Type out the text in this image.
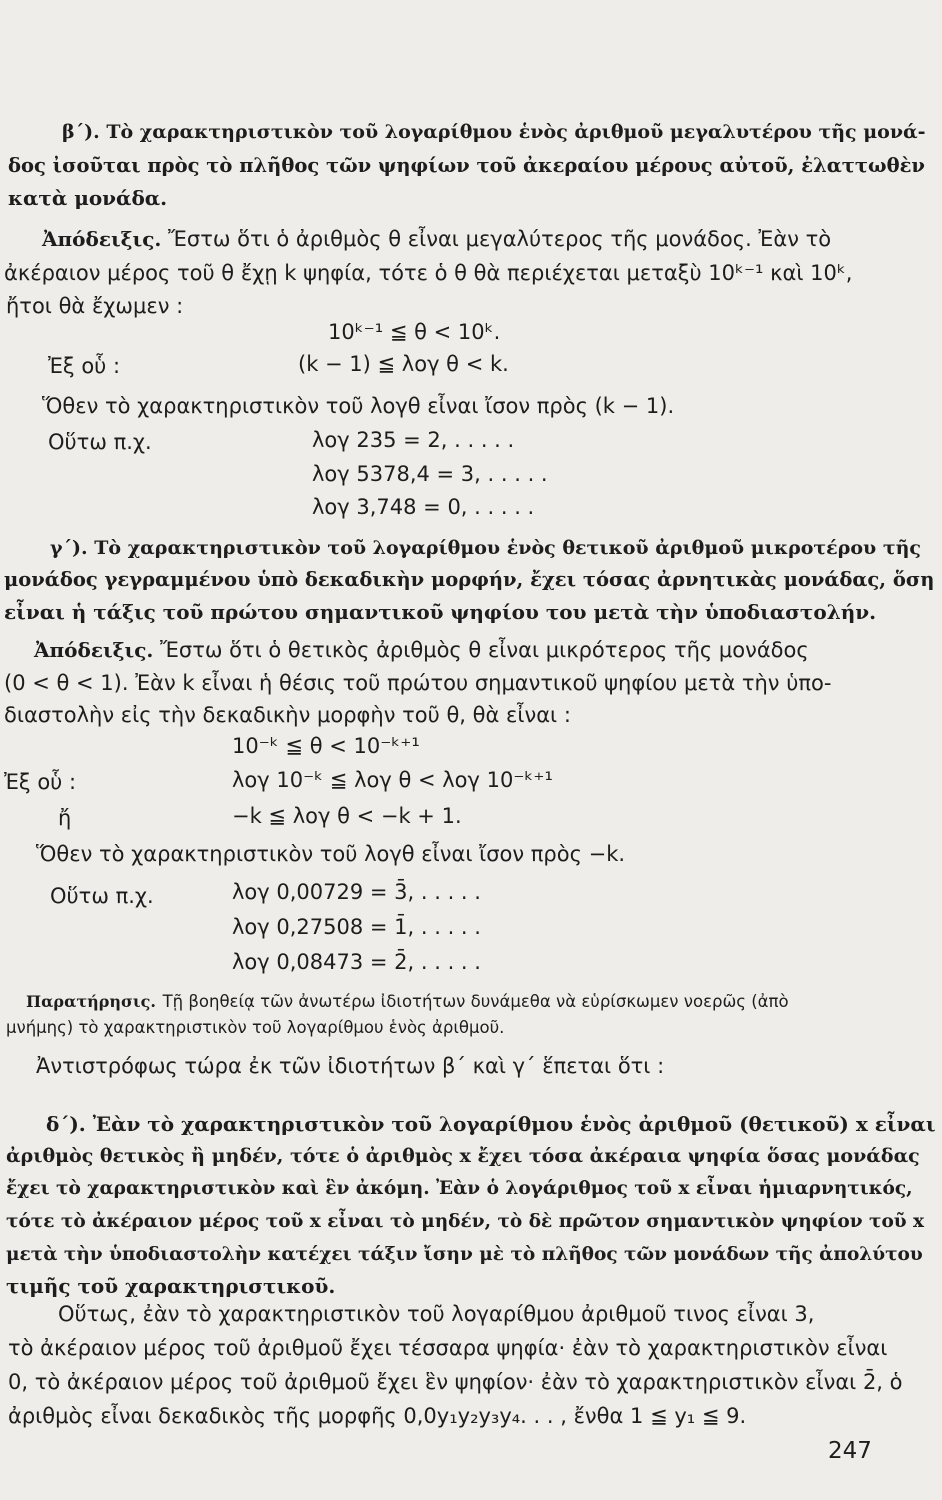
β΄). Τὸ χαρακτηριστικὸν τοῦ λογαρίθμου ἑνὸς ἀριθμοῦ μεγαλυτέρου τῆς μονά-
δος ἰσοῦται πρὸς τὸ πλῆθος τῶν ψηφίων τοῦ ἀκεραίου μέρους αὐτοῦ, ἐλαττωθὲν
κατὰ μονάδα.
Ἀπόδειξις. Ἔστω ὅτι ὁ ἀριθμὸς θ εἶναι μεγαλύτερος τῆς μονάδος. Ἐὰν τὸ
ἀκέραιον μέρος τοῦ θ ἔχῃ k ψηφία, τότε ὁ θ θὰ περιέχεται μεταξὺ 10ᵏ⁻¹ καὶ 10ᵏ,
ἤτοι θὰ ἔχωμεν :
10ᵏ⁻¹ ≦ θ < 10ᵏ.
Ἐξ οὗ :	(k − 1) ≦ λογ θ < k.
Ὅθεν τὸ χαρακτηριστικὸν τοῦ λογθ εἶναι ἴσον πρὸς (k − 1).
Οὕτω π.χ.	λογ 235 = 2, . . . . .
λογ 5378,4 = 3, . . . . .
λογ 3,748 = 0, . . . . .
γ΄). Τὸ χαρακτηριστικὸν τοῦ λογαρίθμου ἑνὸς θετικοῦ ἀριθμοῦ μικροτέρου τῆς
μονάδος γεγραμμένου ὑπὸ δεκαδικὴν μορφήν, ἔχει τόσας ἀρνητικὰς μονάδας, ὅση
εἶναι ἡ τάξις τοῦ πρώτου σημαντικοῦ ψηφίου του μετὰ τὴν ὑποδιαστολήν.
Ἀπόδειξις. Ἔστω ὅτι ὁ θετικὸς ἀριθμὸς θ εἶναι μικρότερος τῆς μονάδος
(0 < θ < 1). Ἐὰν k εἶναι ἡ θέσις τοῦ πρώτου σημαντικοῦ ψηφίου μετὰ τὴν ὑπο-
διαστολὴν εἰς τὴν δεκαδικὴν μορφὴν τοῦ θ, θὰ εἶναι :
10⁻ᵏ ≦ θ < 10⁻ᵏ⁺¹
Ἐξ οὗ :	λογ 10⁻ᵏ ≦ λογ θ < λογ 10⁻ᵏ⁺¹
ἤ	−k ≦ λογ θ < −k + 1.
Ὅθεν τὸ χαρακτηριστικὸν τοῦ λογθ εἶναι ἴσον πρὸς −k.
Οὕτω π.χ.	λογ 0,00729 = 3̄, . . . . .
λογ 0,27508 = 1̄, . . . . .
λογ 0,08473 = 2̄, . . . . .
Παρατήρησις. Τῇ βοηθείᾳ τῶν ἀνωτέρω ἰδιοτήτων δυνάμεθα νὰ εὑρίσκωμεν νοερῶς (ἀπὸ
μνήμης) τὸ χαρακτηριστικὸν τοῦ λογαρίθμου ἑνὸς ἀριθμοῦ.
Ἀντιστρόφως τώρα ἐκ τῶν ἰδιοτήτων β΄ καὶ γ΄ ἕπεται ὅτι :
δ΄). Ἐὰν τὸ χαρακτηριστικὸν τοῦ λογαρίθμου ἑνὸς ἀριθμοῦ (θετικοῦ) x εἶναι
ἀριθμὸς θετικὸς ἢ μηδέν, τότε ὁ ἀριθμὸς x ἔχει τόσα ἀκέραια ψηφία ὅσας μονάδας
ἔχει τὸ χαρακτηριστικὸν καὶ ἓν ἀκόμη. Ἐὰν ὁ λογάριθμος τοῦ x εἶναι ἡμιαρνητικός,
τότε τὸ ἀκέραιον μέρος τοῦ x εἶναι τὸ μηδέν, τὸ δὲ πρῶτον σημαντικὸν ψηφίον τοῦ x
μετὰ τὴν ὑποδιαστολὴν κατέχει τάξιν ἴσην μὲ τὸ πλῆθος τῶν μονάδων τῆς ἀπολύτου
τιμῆς τοῦ χαρακτηριστικοῦ.
Οὕτως, ἐὰν τὸ χαρακτηριστικὸν τοῦ λογαρίθμου ἀριθμοῦ τινος εἶναι 3,
τὸ ἀκέραιον μέρος τοῦ ἀριθμοῦ ἔχει τέσσαρα ψηφία· ἐὰν τὸ χαρακτηριστικὸν εἶναι
0, τὸ ἀκέραιον μέρος τοῦ ἀριθμοῦ ἔχει ἓν ψηφίον· ἐὰν τὸ χαρακτηριστικὸν εἶναι 2̄, ὁ
ἀριθμὸς εἶναι δεκαδικὸς τῆς μορφῆς 0,0y₁y₂y₃y₄. . . , ἔνθα 1 ≦ y₁ ≦ 9.
247
